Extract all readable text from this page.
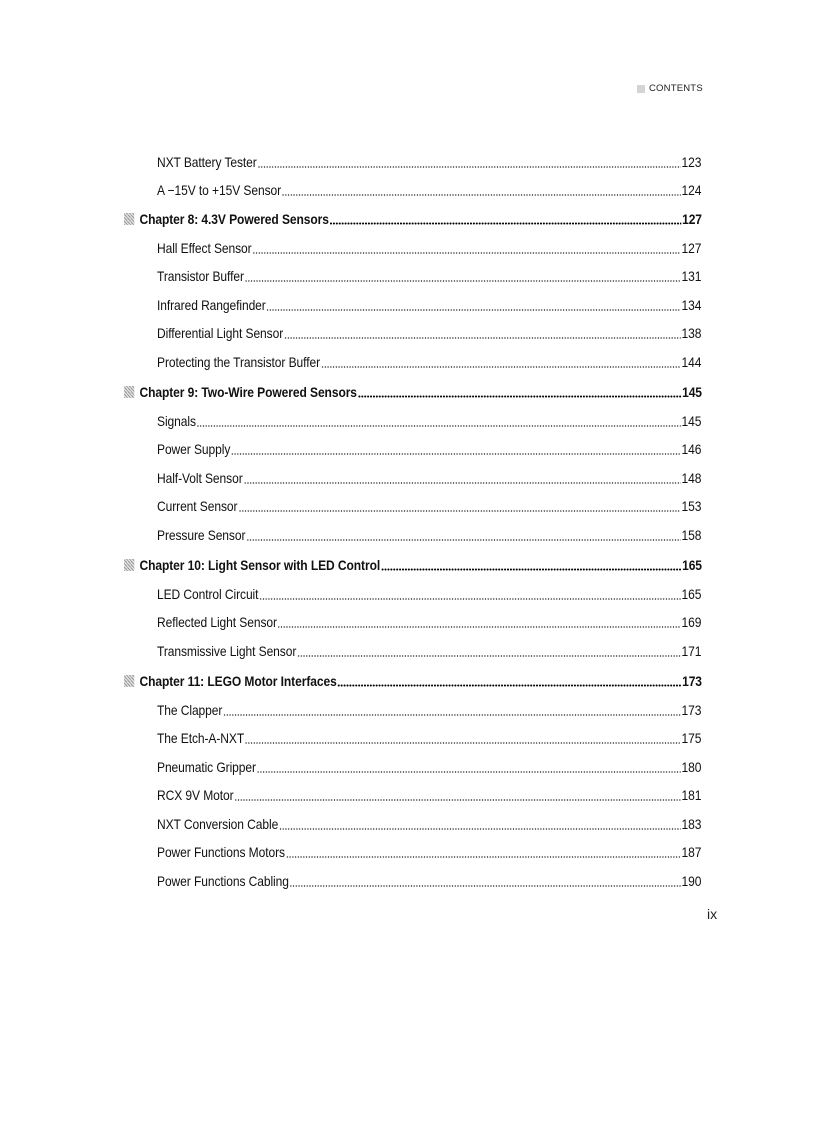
CONTENTS
NXT Battery Tester	123
A −15V to +15V Sensor	124
Chapter 8: 4.3V Powered Sensors	127
Hall Effect Sensor	127
Transistor Buffer	131
Infrared Rangefinder	134
Differential Light Sensor	138
Protecting the Transistor Buffer	144
Chapter 9: Two-Wire Powered Sensors	145
Signals	145
Power Supply	146
Half-Volt Sensor	148
Current Sensor	153
Pressure Sensor	158
Chapter 10: Light Sensor with LED Control	165
LED Control Circuit	165
Reflected Light Sensor	169
Transmissive Light Sensor	171
Chapter 11: LEGO Motor Interfaces	173
The Clapper	173
The Etch-A-NXT	175
Pneumatic Gripper	180
RCX 9V Motor	181
NXT Conversion Cable	183
Power Functions Motors	187
Power Functions Cabling	190
ix
